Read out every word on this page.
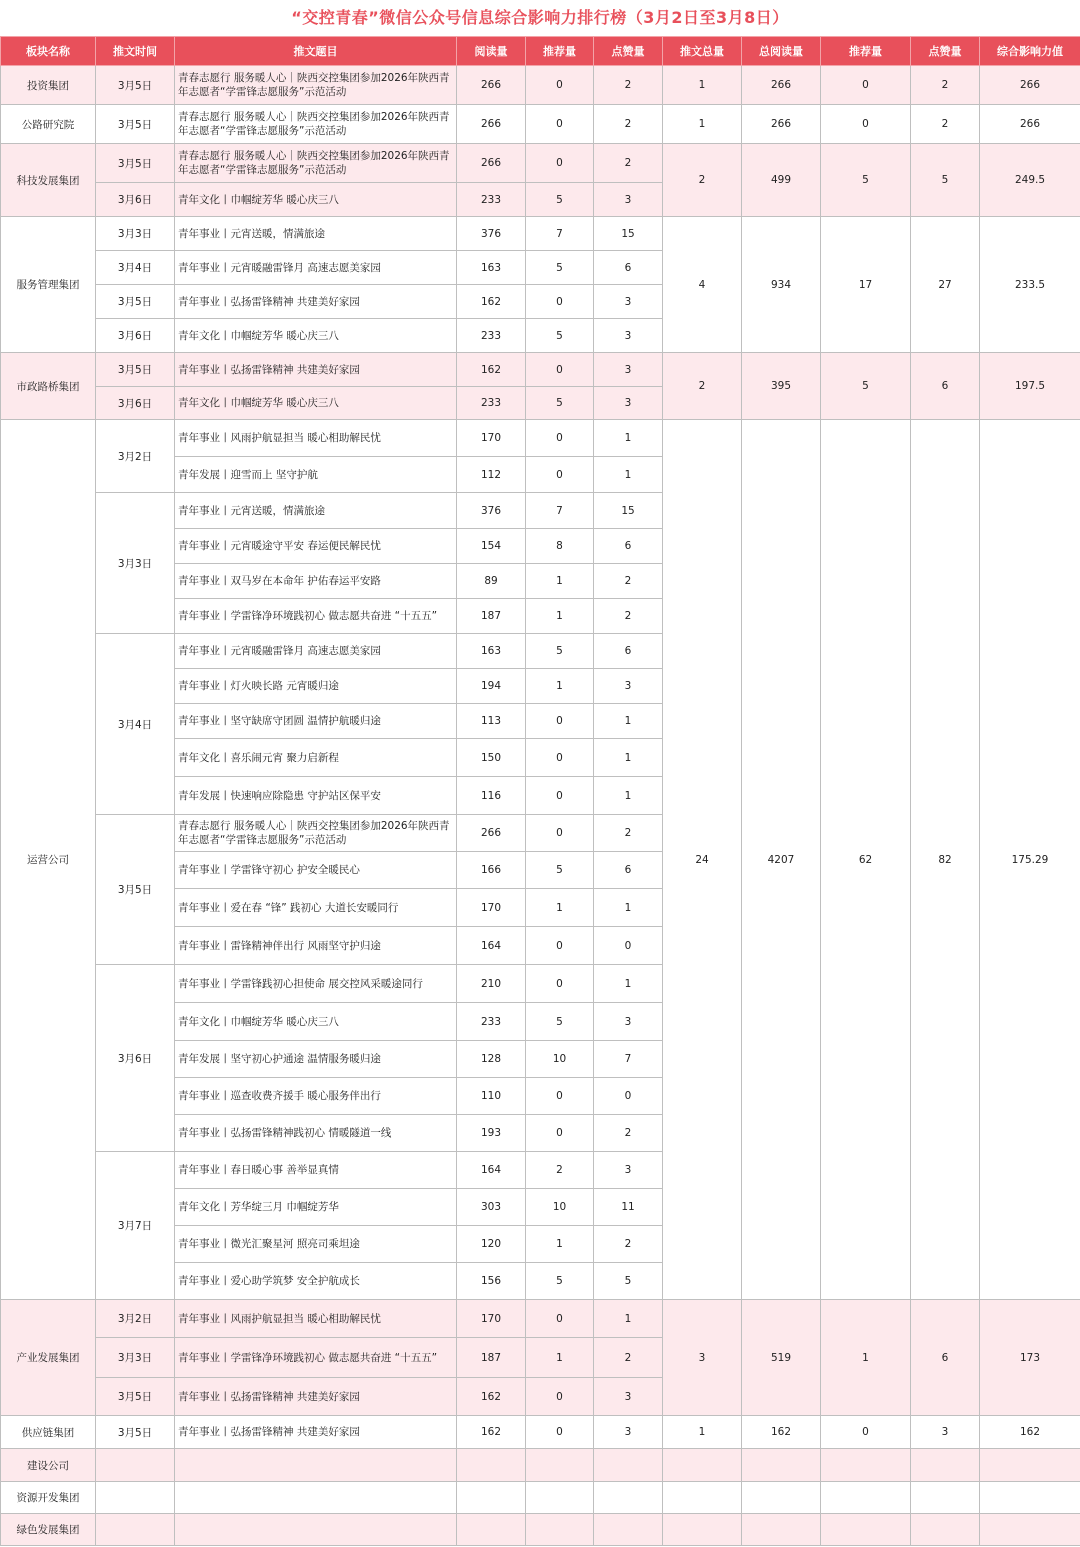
“交控青春”微信公众号信息综合影响力排行榜（3月2日至3月8日）
板块名称	推文时间	推文题目	阅读量	推荐量	点赞量	推文总量	总阅读量	推荐量	点赞量	综合影响力值
投资集团	3月5日	青春志愿行 服务暖人心｜陕西交控集团参加2026年陕西青年志愿者“学雷锋志愿服务”示范活动	266	0	2	1	266	0	2	266
公路研究院	3月5日	青春志愿行 服务暖人心｜陕西交控集团参加2026年陕西青年志愿者“学雷锋志愿服务”示范活动	266	0	2	1	266	0	2	266
科技发展集团	3月5日	青春志愿行 服务暖人心｜陕西交控集团参加2026年陕西青年志愿者“学雷锋志愿服务”示范活动	266	0	2	2	499	5	5	249.5
	3月6日	青年文化丨巾帼绽芳华 暖心庆三八	233	5	3					
服务管理集团	3月3日	青年事业丨元宵送暖，情满旅途	376	7	15	4	934	17	27	233.5
	3月4日	青年事业丨元宵暖融雷锋月 高速志愿美家园	163	5	6					
	3月5日	青年事业丨弘扬雷锋精神 共建美好家园	162	0	3					
	3月6日	青年文化丨巾帼绽芳华 暖心庆三八	233	5	3					
市政路桥集团	3月5日	青年事业丨弘扬雷锋精神 共建美好家园	162	0	3	2	395	5	6	197.5
	3月6日	青年文化丨巾帼绽芳华 暖心庆三八	233	5	3					
运营公司	3月2日	青年事业丨风雨护航显担当 暖心相助解民忧	170	0	1	24	4207	62	82	175.29
		青年发展丨迎雪而上 坚守护航	112	0	1					
	3月3日	青年事业丨元宵送暖，情满旅途	376	7	15					
		青年事业丨元宵暖途守平安 春运便民解民忧	154	8	6					
		青年事业丨双马岁在本命年 护佑春运平安路	89	1	2					
		青年事业丨学雷锋净环境践初心 做志愿共奋进 “十五五”	187	1	2					
	3月4日	青年事业丨元宵暖融雷锋月 高速志愿美家园	163	5	6					
		青年事业丨灯火映长路 元宵暖归途	194	1	3					
		青年事业丨坚守缺席守团圆 温情护航暖归途	113	0	1					
		青年文化丨喜乐闹元宵 聚力启新程	150	0	1					
		青年发展丨快速响应除隐患 守护站区保平安	116	0	1					
	3月5日	青春志愿行 服务暖人心｜陕西交控集团参加2026年陕西青年志愿者“学雷锋志愿服务”示范活动	266	0	2					
		青年事业丨学雷锋守初心 护安全暖民心	166	5	6					
		青年事业丨爱在春 “锋” 践初心 大道长安暖同行	170	1	1					
		青年事业丨雷锋精神伴出行 风雨坚守护归途	164	0	0					
	3月6日	青年事业丨学雷锋践初心担使命 展交控风采暖途同行	210	0	1					
		青年文化丨巾帼绽芳华 暖心庆三八	233	5	3					
		青年发展丨坚守初心护通途 温情服务暖归途	128	10	7					
		青年事业丨巡查收费齐援手 暖心服务伴出行	110	0	0					
		青年事业丨弘扬雷锋精神践初心 情暖隧道一线	193	0	2					
	3月7日	青年事业丨春日暖心事 善举显真情	164	2	3					
		青年文化丨芳华绽三月 巾帼绽芳华	303	10	11					
		青年事业丨微光汇聚星河 照亮司乘坦途	120	1	2					
		青年事业丨爱心助学筑梦 安全护航成长	156	5	5					
产业发展集团	3月2日	青年事业丨风雨护航显担当 暖心相助解民忧	170	0	1	3	519	1	6	173
	3月3日	青年事业丨学雷锋净环境践初心 做志愿共奋进 “十五五”	187	1	2					
	3月5日	青年事业丨弘扬雷锋精神 共建美好家园	162	0	3					
供应链集团	3月5日	青年事业丨弘扬雷锋精神 共建美好家园	162	0	3	1	162	0	3	162
建设公司										
资源开发集团										
绿色发展集团										
